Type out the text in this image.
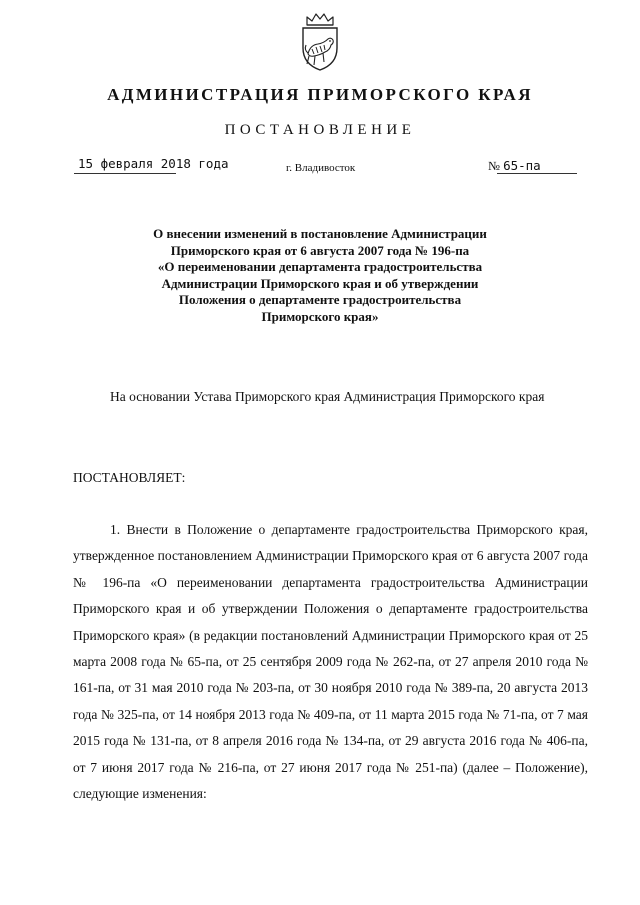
АДМИНИСТРАЦИЯ ПРИМОРСКОГО КРАЯ
ПОСТАНОВЛЕНИЕ
15 февраля 2018 года	г. Владивосток	№ 65-па
О внесении изменений в постановление Администрации
Приморского края от 6 августа 2007 года № 196-па
«О переименовании департамента градостроительства
Администрации Приморского края и об утверждении
Положения о департаменте градостроительства
Приморского края»
На основании Устава Приморского края Администрация Приморского края
ПОСТАНОВЛЯЕТ:
1. Внести в Положение о департаменте градостроительства Приморского края, утвержденное постановлением Администрации Приморского края от 6 августа 2007 года № 196-па «О переименовании департамента градостроительства Администрации Приморского края и об утверждении Положения о департаменте градостроительства Приморского края» (в редакции постановлений Администрации Приморского края от 25 марта 2008 года № 65-па, от 25 сентября 2009 года № 262-па, от 27 апреля 2010 года № 161-па, от 31 мая 2010 года № 203-па, от 30 ноября 2010 года № 389-па, 20 августа 2013 года № 325-па, от 14 ноября 2013 года № 409-па, от 11 марта 2015 года № 71-па, от 7 мая 2015 года № 131-па, от 8 апреля 2016 года № 134-па, от 29 августа 2016 года № 406-па, от 7 июня 2017 года № 216-па, от 27 июня 2017 года № 251-па) (далее – Положение), следующие изменения:
